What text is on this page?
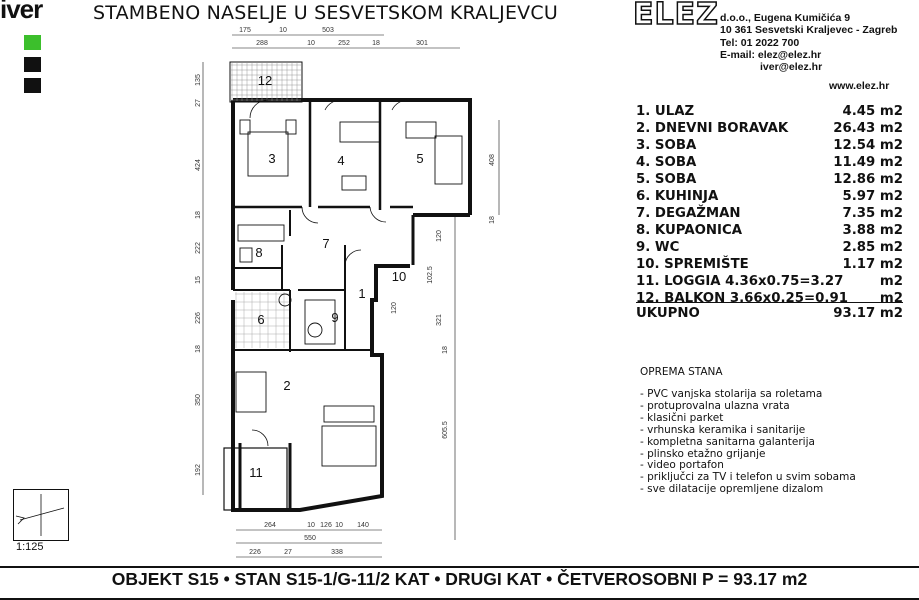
iver	STAMBENO NASELJE U SESVETSKOM KRALJEVCU	ELEZ d.o.o., Eugena Kumičića 9
10 361 Sesvetski Kraljevec - Zagreb
Tel: 01 2022 700
E-mail: elez@elez.hr
iver@elez.hr
www.elez.hr
1. ULAZ	4.45 m2
2. DNEVNI BORAVAK	26.43 m2
3. SOBA	12.54 m2
4. SOBA	11.49 m2
5. SOBA	12.86 m2
6. KUHINJA	5.97 m2
7. DEGAŽMAN	7.35 m2
8. KUPAONICA	3.88 m2
9. WC	2.85 m2
10. SPREMIŠTE	1.17 m2
11. LOGGIA 4.36x0.75=3.27	m2
12. BALKON 3.66x0.25=0.91 m2
UKUPNO	93.17 m2
OPREMA STANA
- PVC vanjska stolarija sa roletama
- protuprovalna ulazna vrata
- klasični parket
- vrhunska keramika i sanitarije
- kompletna sanitarna galanterija
- plinsko etažno grijanje
- video portafon
- priključci za TV i telefon u svim sobama
- sve dilatacije opremljene dizalom
1
2
3	4	5
6
7
8
9
10
11
12
175	10	503
288	10	252	18	301
135
27
424
18
222
15
226
18
350
192
408
18
120
102.5
321
120
18
605.5
264	10 126 10 140
550
226	27	338
1:125
OBJEKT S15 • STAN S15-1/G-11/2 KAT • DRUGI KAT • ČETVEROSOBNI P = 93.17 m2
